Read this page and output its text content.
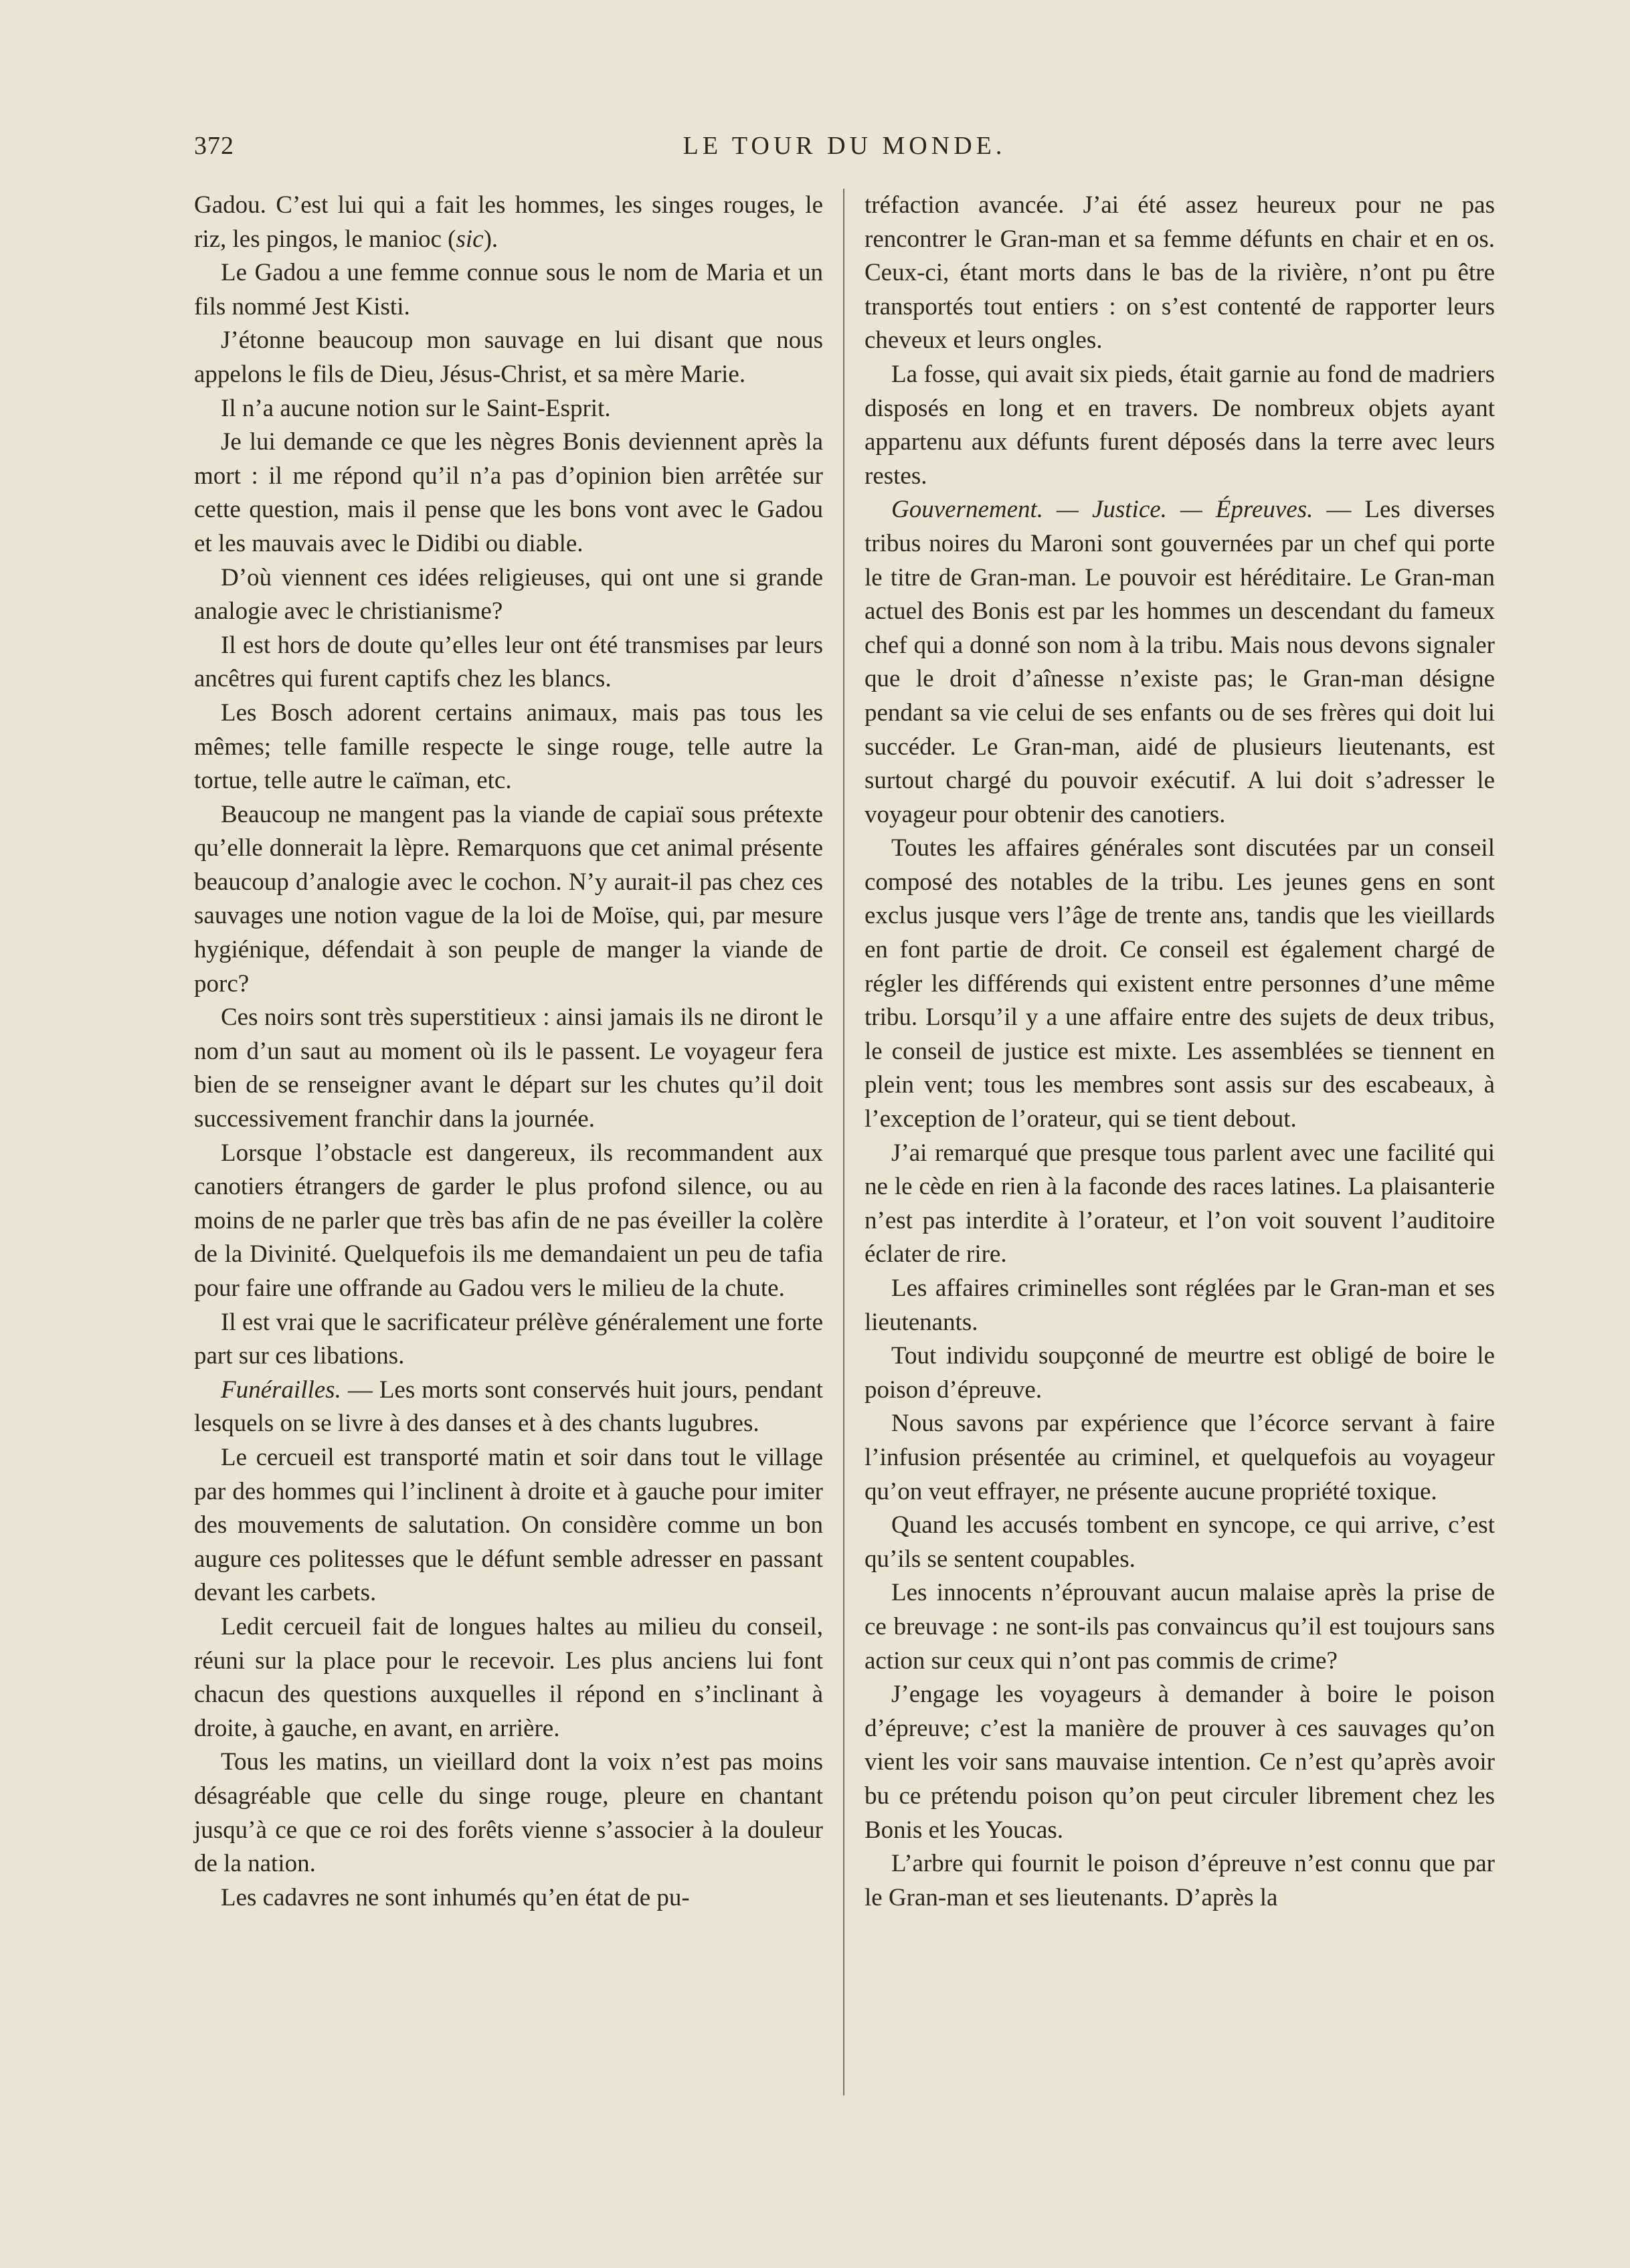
372	LE TOUR DU MONDE.

Gadou. C’est lui qui a fait les hommes, les singes rouges, le riz, les pingos, le manioc (sic).

Le Gadou a une femme connue sous le nom de Maria et un fils nommé Jest Kisti.

J’étonne beaucoup mon sauvage en lui disant que nous appelons le fils de Dieu, Jésus-Christ, et sa mère Marie.

Il n’a aucune notion sur le Saint-Esprit.

Je lui demande ce que les nègres Bonis deviennent après la mort : il me répond qu’il n’a pas d’opinion bien arrêtée sur cette question, mais il pense que les bons vont avec le Gadou et les mauvais avec le Didibi ou diable.

D’où viennent ces idées religieuses, qui ont une si grande analogie avec le christianisme?

Il est hors de doute qu’elles leur ont été transmises par leurs ancêtres qui furent captifs chez les blancs.

Les Bosch adorent certains animaux, mais pas tous les mêmes; telle famille respecte le singe rouge, telle autre la tortue, telle autre le caïman, etc.

Beaucoup ne mangent pas la viande de capiaï sous prétexte qu’elle donnerait la lèpre. Remarquons que cet animal présente beaucoup d’analogie avec le cochon. N’y aurait-il pas chez ces sauvages une notion vague de la loi de Moïse, qui, par mesure hygiénique, défendait à son peuple de manger la viande de porc?

Ces noirs sont très superstitieux : ainsi jamais ils ne diront le nom d’un saut au moment où ils le passent. Le voyageur fera bien de se renseigner avant le départ sur les chutes qu’il doit successivement franchir dans la journée.

Lorsque l’obstacle est dangereux, ils recommandent aux canotiers étrangers de garder le plus profond silence, ou au moins de ne parler que très bas afin de ne pas éveiller la colère de la Divinité. Quelquefois ils me demandaient un peu de tafia pour faire une offrande au Gadou vers le milieu de la chute.

Il est vrai que le sacrificateur prélève généralement une forte part sur ces libations.

Funérailles. — Les morts sont conservés huit jours, pendant lesquels on se livre à des danses et à des chants lugubres.

Le cercueil est transporté matin et soir dans tout le village par des hommes qui l’inclinent à droite et à gauche pour imiter des mouvements de salutation. On considère comme un bon augure ces politesses que le défunt semble adresser en passant devant les carbets.

Ledit cercueil fait de longues haltes au milieu du conseil, réuni sur la place pour le recevoir. Les plus anciens lui font chacun des questions auxquelles il répond en s’inclinant à droite, à gauche, en avant, en arrière.

Tous les matins, un vieillard dont la voix n’est pas moins désagréable que celle du singe rouge, pleure en chantant jusqu’à ce que ce roi des forêts vienne s’associer à la douleur de la nation.

Les cadavres ne sont inhumés qu’en état de pu-

tréfaction avancée. J’ai été assez heureux pour ne pas rencontrer le Gran-man et sa femme défunts en chair et en os. Ceux-ci, étant morts dans le bas de la rivière, n’ont pu être transportés tout entiers : on s’est contenté de rapporter leurs cheveux et leurs ongles.

La fosse, qui avait six pieds, était garnie au fond de madriers disposés en long et en travers. De nombreux objets ayant appartenu aux défunts furent déposés dans la terre avec leurs restes.

Gouvernement. — Justice. — Épreuves. — Les diverses tribus noires du Maroni sont gouvernées par un chef qui porte le titre de Gran-man. Le pouvoir est héréditaire. Le Gran-man actuel des Bonis est par les hommes un descendant du fameux chef qui a donné son nom à la tribu. Mais nous devons signaler que le droit d’aînesse n’existe pas; le Gran-man désigne pendant sa vie celui de ses enfants ou de ses frères qui doit lui succéder. Le Gran-man, aidé de plusieurs lieutenants, est surtout chargé du pouvoir exécutif. A lui doit s’adresser le voyageur pour obtenir des canotiers.

Toutes les affaires générales sont discutées par un conseil composé des notables de la tribu. Les jeunes gens en sont exclus jusque vers l’âge de trente ans, tandis que les vieillards en font partie de droit. Ce conseil est également chargé de régler les différends qui existent entre personnes d’une même tribu. Lorsqu’il y a une affaire entre des sujets de deux tribus, le conseil de justice est mixte. Les assemblées se tiennent en plein vent; tous les membres sont assis sur des escabeaux, à l’exception de l’orateur, qui se tient debout.

J’ai remarqué que presque tous parlent avec une facilité qui ne le cède en rien à la faconde des races latines. La plaisanterie n’est pas interdite à l’orateur, et l’on voit souvent l’auditoire éclater de rire.

Les affaires criminelles sont réglées par le Gran-man et ses lieutenants.

Tout individu soupçonné de meurtre est obligé de boire le poison d’épreuve.

Nous savons par expérience que l’écorce servant à faire l’infusion présentée au criminel, et quelquefois au voyageur qu’on veut effrayer, ne présente aucune propriété toxique.

Quand les accusés tombent en syncope, ce qui arrive, c’est qu’ils se sentent coupables.

Les innocents n’éprouvant aucun malaise après la prise de ce breuvage : ne sont-ils pas convaincus qu’il est toujours sans action sur ceux qui n’ont pas commis de crime?

J’engage les voyageurs à demander à boire le poison d’épreuve; c’est la manière de prouver à ces sauvages qu’on vient les voir sans mauvaise intention. Ce n’est qu’après avoir bu ce prétendu poison qu’on peut circuler librement chez les Bonis et les Youcas.

L’arbre qui fournit le poison d’épreuve n’est connu que par le Gran-man et ses lieutenants. D’après la
